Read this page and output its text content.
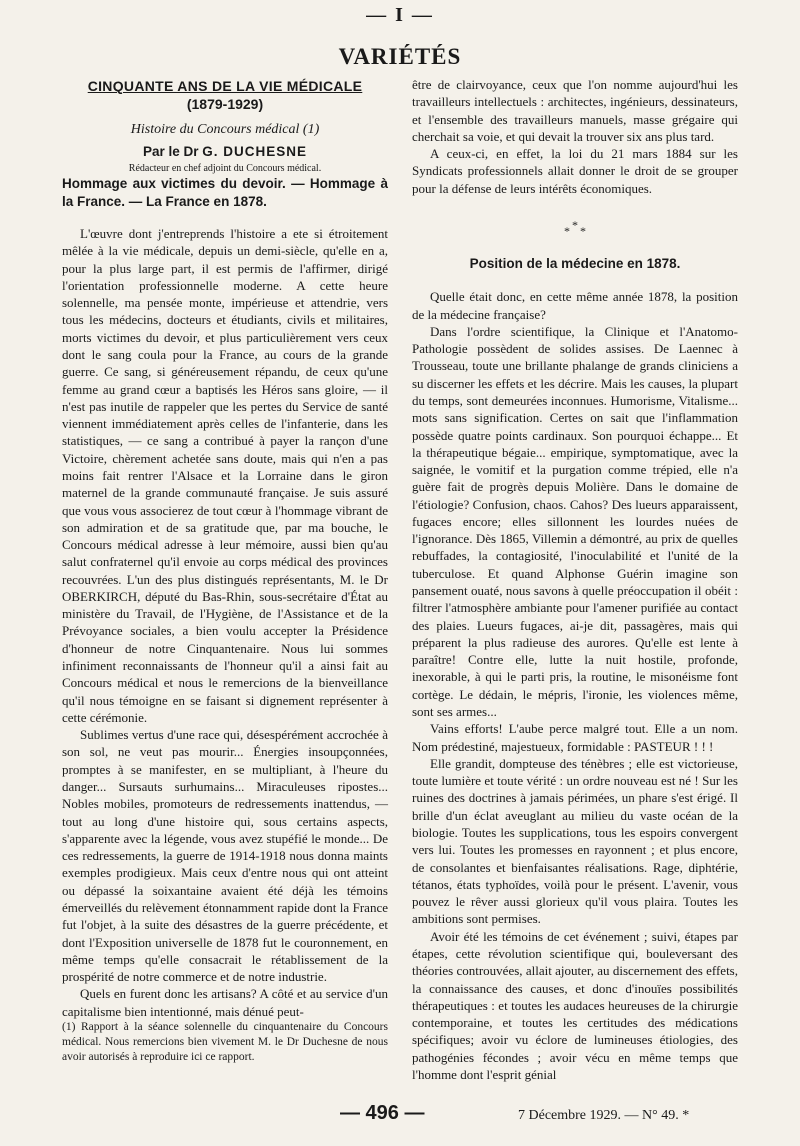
— I —
VARIÉTÉS
CINQUANTE ANS DE LA VIE MÉDICALE
(1879-1929)
Histoire du Concours médical (1)
Par le Dr G. DUCHESNE
Rédacteur en chef adjoint du Concours médical.

Hommage aux victimes du devoir. — Hommage à la France. — La France en 1878.

L'œuvre dont j'entreprends l'histoire a ete si étroitement mêlée à la vie médicale, depuis un demi-siècle, qu'elle en a, pour la plus large part, il est permis de l'affirmer, dirigé l'orientation professionnelle moderne. A cette heure solennelle, ma pensée monte, impérieuse et attendrie, vers tous les médecins, docteurs et étudiants, civils et militaires, morts victimes du devoir, et plus particulièrement vers ceux dont le sang coula pour la France, au cours de la grande guerre. Ce sang, si généreusement répandu, de ceux qu'une femme au grand cœur a baptisés les Héros sans gloire, — il n'est pas inutile de rappeler que les pertes du Service de santé viennent immédiatement après celles de l'infanterie, dans les statistiques, — ce sang a contribué à payer la rançon d'une Victoire, chèrement achetée sans doute, mais qui n'en a pas moins fait rentrer l'Alsace et la Lorraine dans le giron maternel de la grande communauté française. Je suis assuré que vous vous associerez de tout cœur à l'hommage vibrant de son admiration et de sa gratitude que, par ma bouche, le Concours médical adresse à leur mémoire, aussi bien qu'au salut confraternel qu'il envoie au corps médical des provinces recouvrées. L'un des plus distingués représentants, M. le Dr OBERKIRCH, député du Bas-Rhin, sous-secrétaire d'État au ministère du Travail, de l'Hygiène, de l'Assistance et de la Prévoyance sociales, a bien voulu accepter la Présidence d'honneur de notre Cinquantenaire. Nous lui sommes infiniment reconnaissants de l'honneur qu'il a ainsi fait au Concours médical et nous le remercions de la bienveillance qu'il nous témoigne en se faisant si dignement représenter à cette cérémonie.

Sublimes vertus d'une race qui, désespérément accrochée à son sol, ne veut pas mourir... Énergies insoupçonnées, promptes à se manifester, en se multipliant, à l'heure du danger... Sursauts surhumains... Miraculeuses ripostes... Nobles mobiles, promoteurs de redressements inattendus, — tout au long d'une histoire qui, sous certains aspects, s'apparente avec la légende, vous avez stupéfié le monde... De ces redressements, la guerre de 1914-1918 nous donna maints exemples prodigieux. Mais ceux d'entre nous qui ont atteint ou dépassé la soixantaine avaient été déjà les témoins émerveillés du relèvement étonnamment rapide dont la France fut l'objet, à la suite des désastres de la guerre précédente, et dont l'Exposition universelle de 1878 fut le couronnement, en même temps qu'elle consacrait le rétablissement de la prospérité de notre commerce et de notre industrie.

Quels en furent donc les artisans? A côté et au service d'un capitalisme bien intentionné, mais dénué peut-

(1) Rapport à la séance solennelle du cinquantenaire du Concours médical. Nous remercions bien vivement M. le Dr Duchesne de nous avoir autorisés à reproduire ici ce rapport.

être de clairvoyance, ceux que l'on nomme aujourd'hui les travailleurs intellectuels : architectes, ingénieurs, dessinateurs, et l'ensemble des travailleurs manuels, masse grégaire qui cherchait sa voie, et qui devait la trouver six ans plus tard.

A ceux-ci, en effet, la loi du 21 mars 1884 sur les Syndicats professionnels allait donner le droit de se grouper pour la défense de leurs intérêts économiques.

* * *
Position de la médecine en 1878.

Quelle était donc, en cette même année 1878, la position de la médecine française?

Dans l'ordre scientifique, la Clinique et l'Anatomo-Pathologie possèdent de solides assises. De Laennec à Trousseau, toute une brillante phalange de grands cliniciens a su discerner les effets et les décrire. Mais les causes, la plupart du temps, sont demeurées inconnues. Humorisme, Vitalisme... mots sans signification. Certes on sait que l'inflammation possède quatre points cardinaux. Son pourquoi échappe... Et la thérapeutique bégaie... empirique, symptomatique, avec la saignée, le vomitif et la purgation comme trépied, elle n'a guère fait de progrès depuis Molière. Dans le domaine de l'étiologie? Confusion, chaos. Cahos? Des lueurs apparaissent, fugaces encore; elles sillonnent les lourdes nuées de l'ignorance. Dès 1865, Villemin a démontré, au prix de quelles rebuffades, la contagiosité, l'inoculabilité et l'unité de la tuberculose. Et quand Alphonse Guérin imagine son pansement ouaté, nous savons à quelle préoccupation il obéit : filtrer l'atmosphère ambiante pour l'amener purifiée au contact des plaies. Lueurs fugaces, ai-je dit, passagères, mais qui préparent la plus radieuse des aurores. Qu'elle est lente à paraître! Contre elle, lutte la nuit hostile, profonde, inexorable, à qui le parti pris, la routine, le misonéisme font cortège. Le dédain, le mépris, l'ironie, les violences même, sont ses armes...

Vains efforts! L'aube perce malgré tout. Elle a un nom. Nom prédestiné, majestueux, formidable : PASTEUR ! ! !

Elle grandit, dompteuse des ténèbres ; elle est victorieuse, toute lumière et toute vérité : un ordre nouveau est né ! Sur les ruines des doctrines à jamais périmées, un phare s'est érigé. Il brille d'un éclat aveuglant au milieu du vaste océan de la biologie. Toutes les supplications, tous les espoirs convergent vers lui. Toutes les promesses en rayonnent ; et plus encore, de consolantes et bienfaisantes réalisations. Rage, diphtérie, tétanos, états typhoïdes, voilà pour le présent. L'avenir, vous pouvez le rêver aussi glorieux qu'il vous plaira. Toutes les ambitions sont permises.

Avoir été les témoins de cet événement ; suivi, étapes par étapes, cette révolution scientifique qui, bouleversant des théories controuvées, allait ajouter, au discernement des effets, la connaissance des causes, et donc d'inouïes possibilités thérapeutiques : et toutes les audaces heureuses de la chirurgie contemporaine, et toutes les certitudes des médications spécifiques; avoir vu éclore de lumineuses étiologies, des pathogénies fécondes ; avoir vécu en même temps que l'homme dont l'esprit génial

— 496 —	7 Décembre 1929. — N° 49. *
